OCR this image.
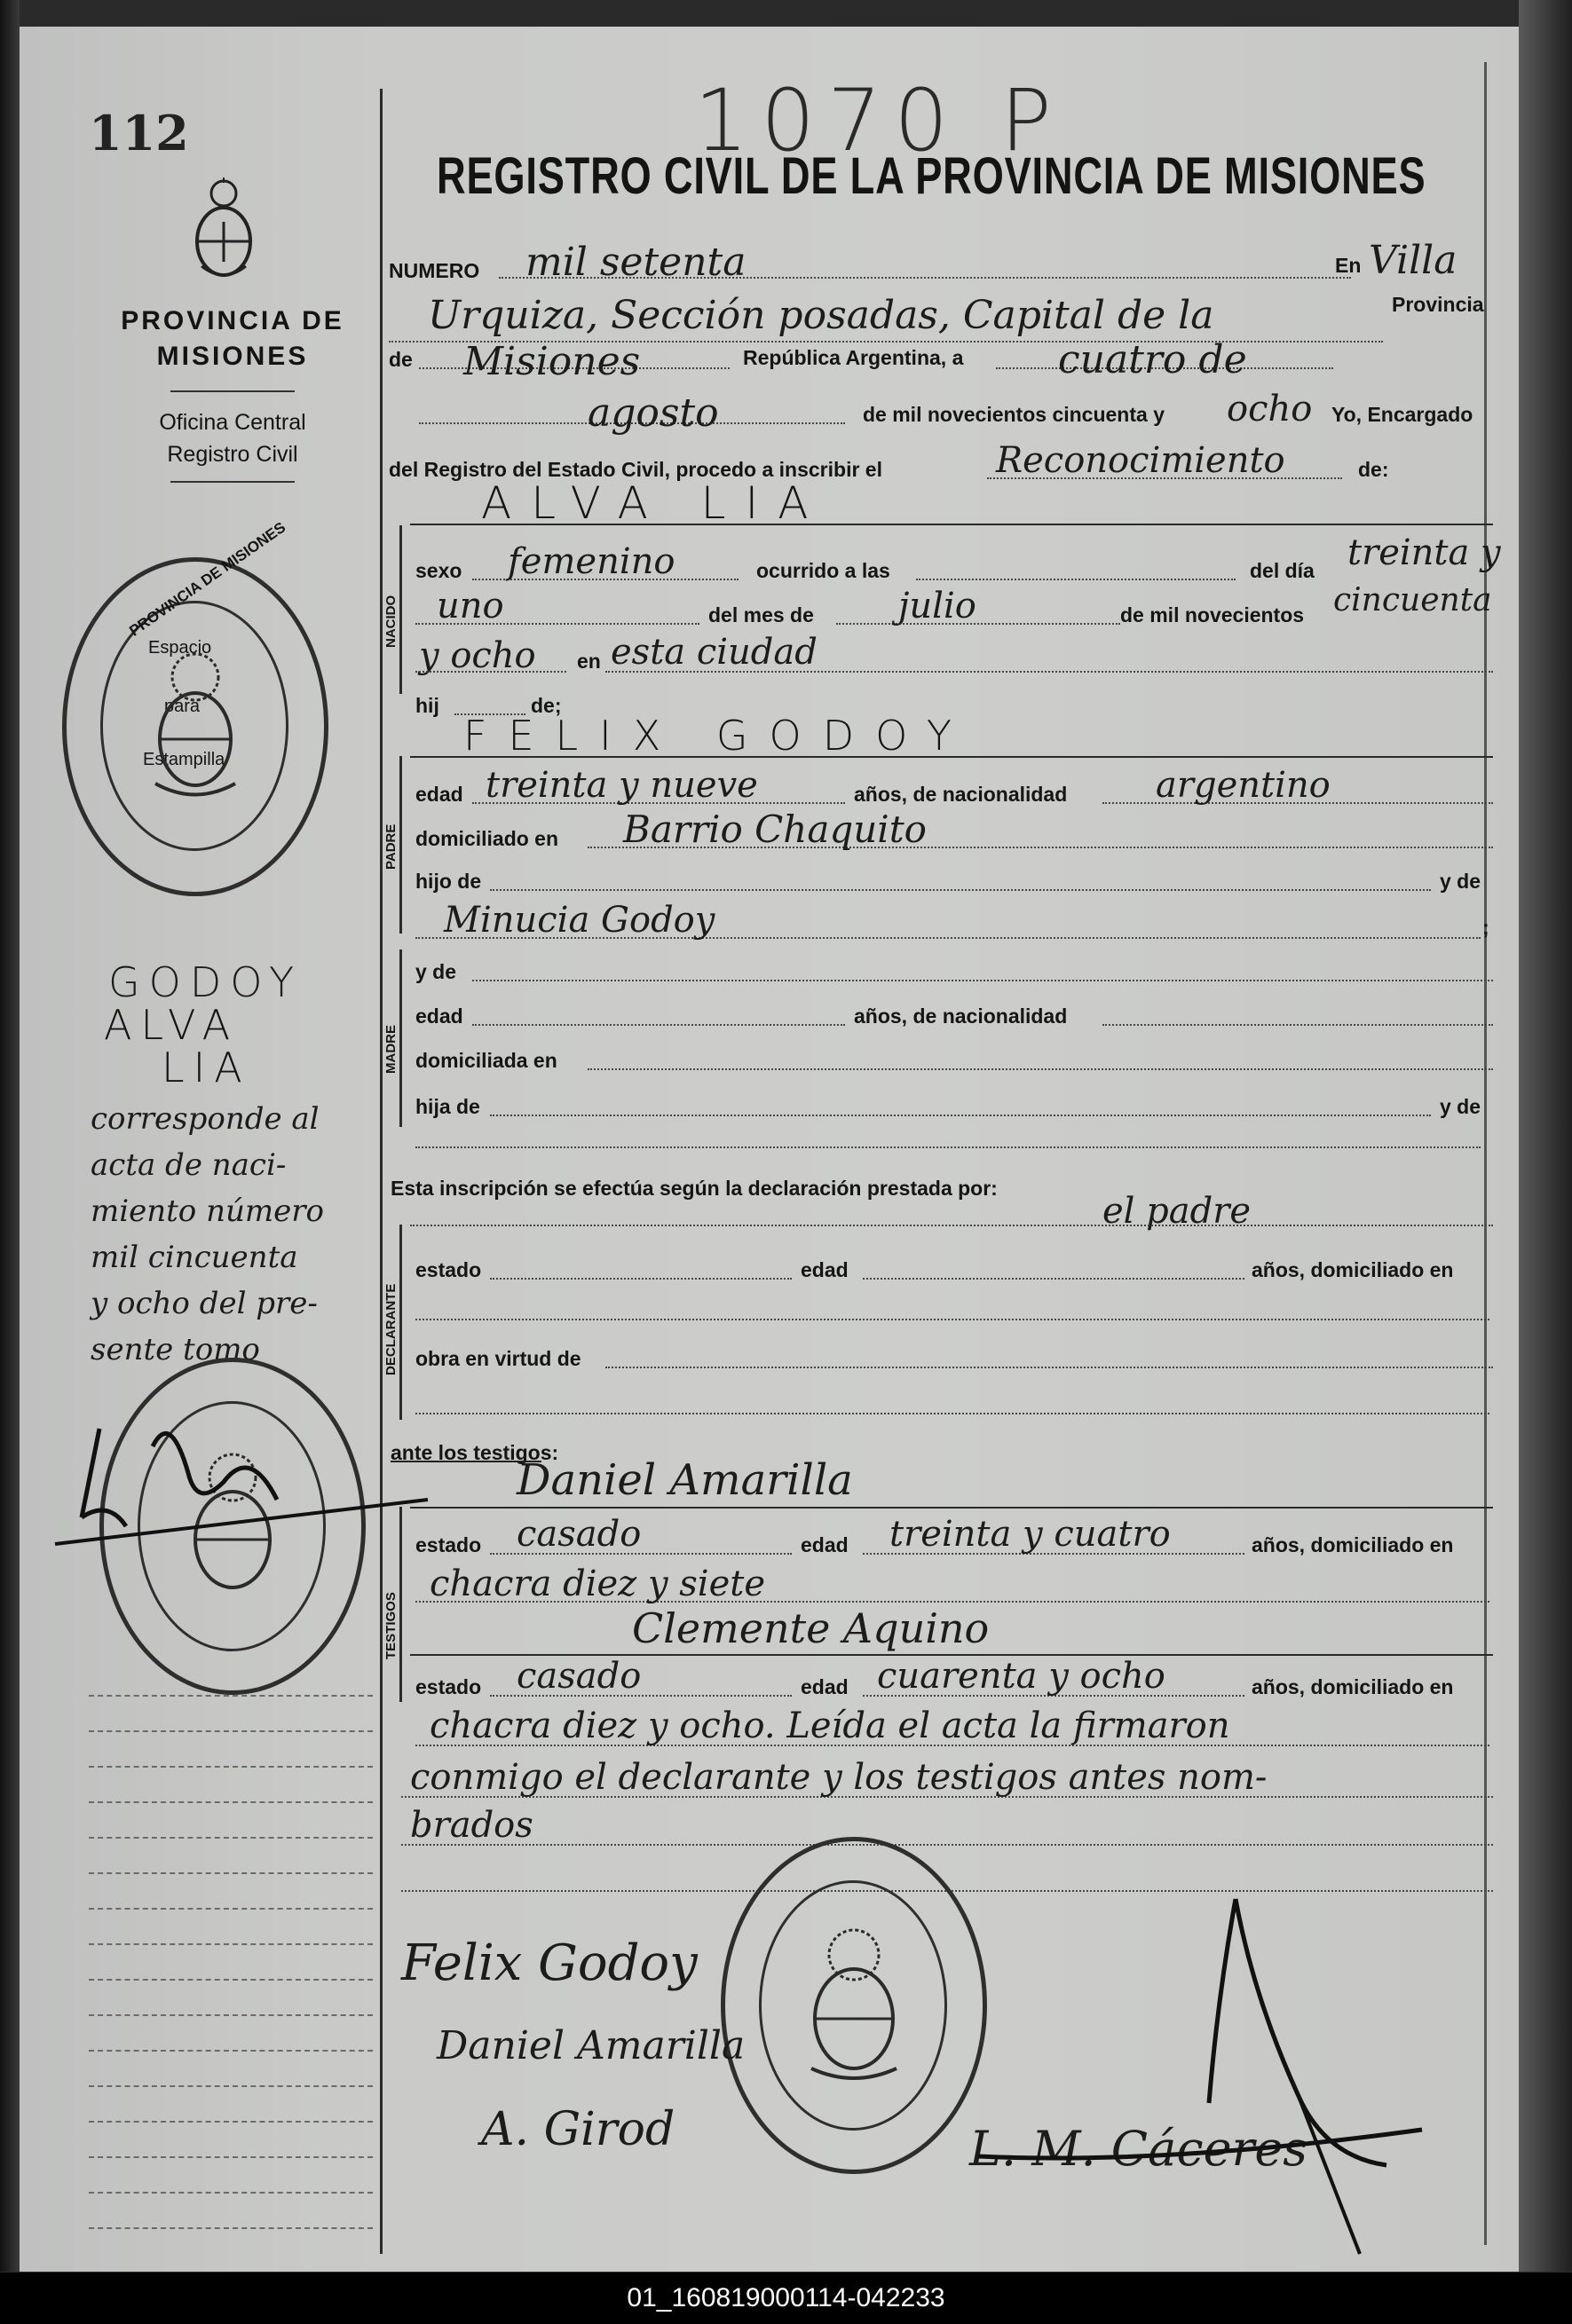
112	1070 P
PROVINCIA DE
MISIONES
Oficina Central
Registro Civil
PROVINCIA DE MISIONES
Espacio
para
Estampilla
GODOY
ALVA
LIA
corresponde al
acta de naci-
miento número
mil cincuenta
y ocho del pre-
sente tomo
REGISTRO CIVIL DE LA PROVINCIA DE MISIONES
NUMERO mil setenta	En Villa
Urquiza, Sección posadas, Capital de la	Provincia
de Misiones	República Argentina, a cuatro de
agosto	de mil novecientos cincuenta y ocho Yo, Encargado
del Registro del Estado Civil, procedo a inscribir el	Reconocimiento	de:
ALVA LIA
NACIDO
sexo femenino	ocurrido a las	del día treinta y
uno	del mes de julio	de mil novecientos cincuenta
y ocho en esta ciudad
hij	de;
FELIX GODOY
PADRE
edad treinta y nueve	años, de nacionalidad argentino
domiciliado en Barrio Chaquito
hijo de	y de
Minucia Godoy	;
MADRE
y de
edad	años, de nacionalidad
domiciliada en
hija de	y de
Esta inscripción se efectúa según la declaración prestada por:
el padre
DECLARANTE
estado	edad	años, domiciliado en
obra en virtud de
ante los testigos:
Daniel Amarilla
TESTIGOS
estado casado	edad treinta y cuatro	años, domiciliado en
chacra diez y siete
Clemente Aquino
estado casado	edad cuarenta y ocho	años, domiciliado en
chacra diez y ocho. Leída el acta la firmaron
conmigo el declarante y los testigos antes nom-
brados
Felix Godoy
Daniel Amarilla
A. Girod	L. M. Cáceres
01_160819000114-042233
